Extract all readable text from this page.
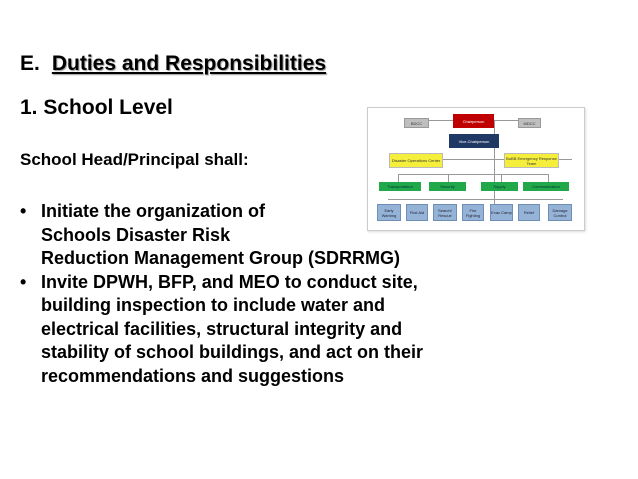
E. Duties and Responsibilities
1. School Level
School Head/Principal shall:
• Initiate the organization of
Schools Disaster Risk
Reduction Management Group (SDRRMG)
• Invite DPWH, BFP, and MEO to conduct site,
building inspection to include water and
electrical facilities, structural integrity and
stability of school buildings, and act on their
recommendations and suggestions
BDCC	Chairperson	MDCC
Vice-Chairperson
Disaster Operations Center	BuBB Emergency Response Team
Transportation	Security	Supply	Communication
Early Warning	First Aid	Search/ Rescue
Fire Fighting	Evac Camp	Relief	Damage Control
